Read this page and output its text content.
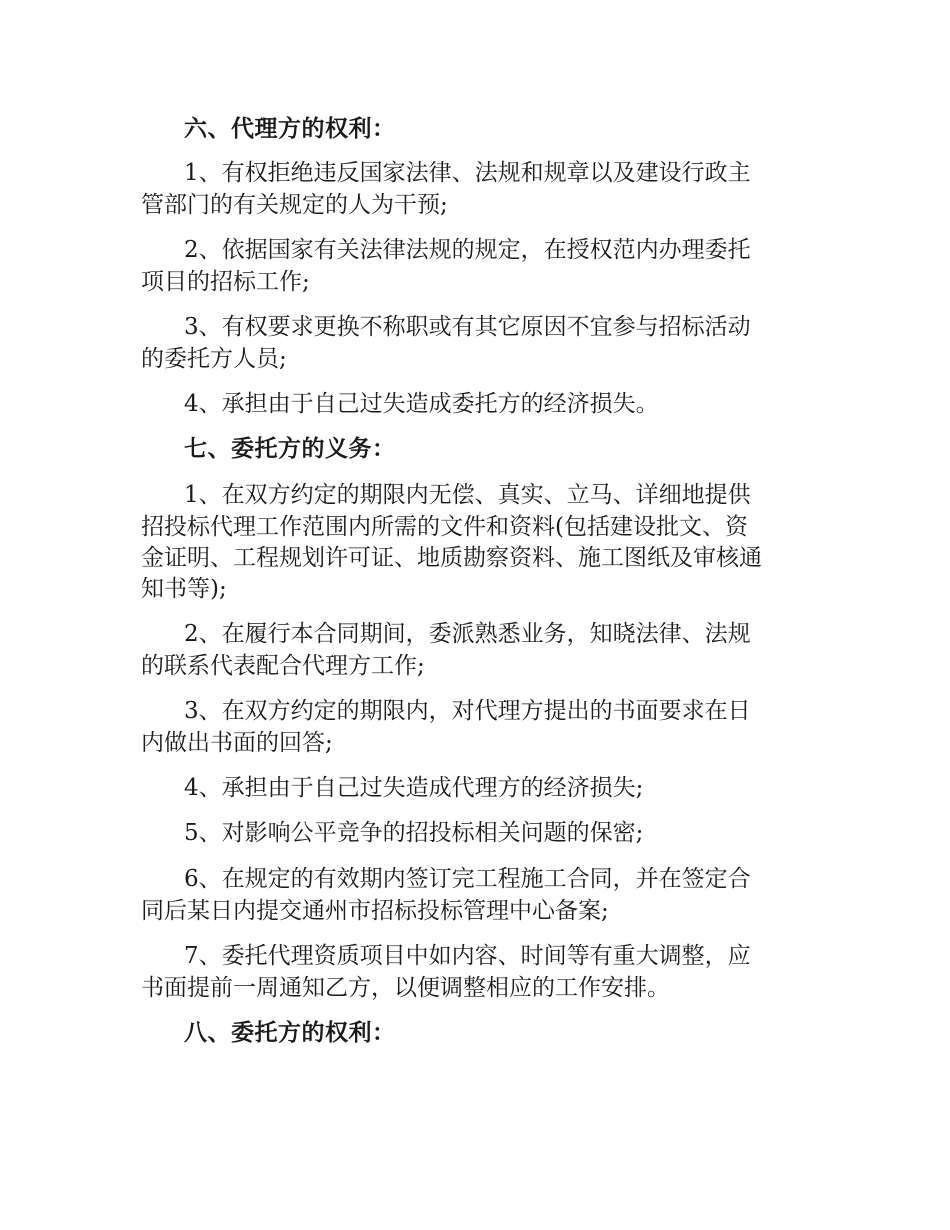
六、代理方的权利：
1、有权拒绝违反国家法律、法规和规章以及建设行政主
管部门的有关规定的人为干预;
2、依据国家有关法律法规的规定，在授权范内办理委托
项目的招标工作;
3、有权要求更换不称职或有其它原因不宜参与招标活动
的委托方人员;
4、承担由于自己过失造成委托方的经济损失。
七、委托方的义务：
1、在双方约定的期限内无偿、真实、立马、详细地提供
招投标代理工作范围内所需的文件和资料(包括建设批文、资
金证明、工程规划许可证、地质勘察资料、施工图纸及审核通
知书等);
2、在履行本合同期间，委派熟悉业务，知晓法律、法规
的联系代表配合代理方工作;
3、在双方约定的期限内，对代理方提出的书面要求在日
内做出书面的回答;
4、承担由于自己过失造成代理方的经济损失;
5、对影响公平竞争的招投标相关问题的保密;
6、在规定的有效期内签订完工程施工合同，并在签定合
同后某日内提交通州市招标投标管理中心备案;
7、委托代理资质项目中如内容、时间等有重大调整，应
书面提前一周通知乙方，以便调整相应的工作安排。
八、委托方的权利：
